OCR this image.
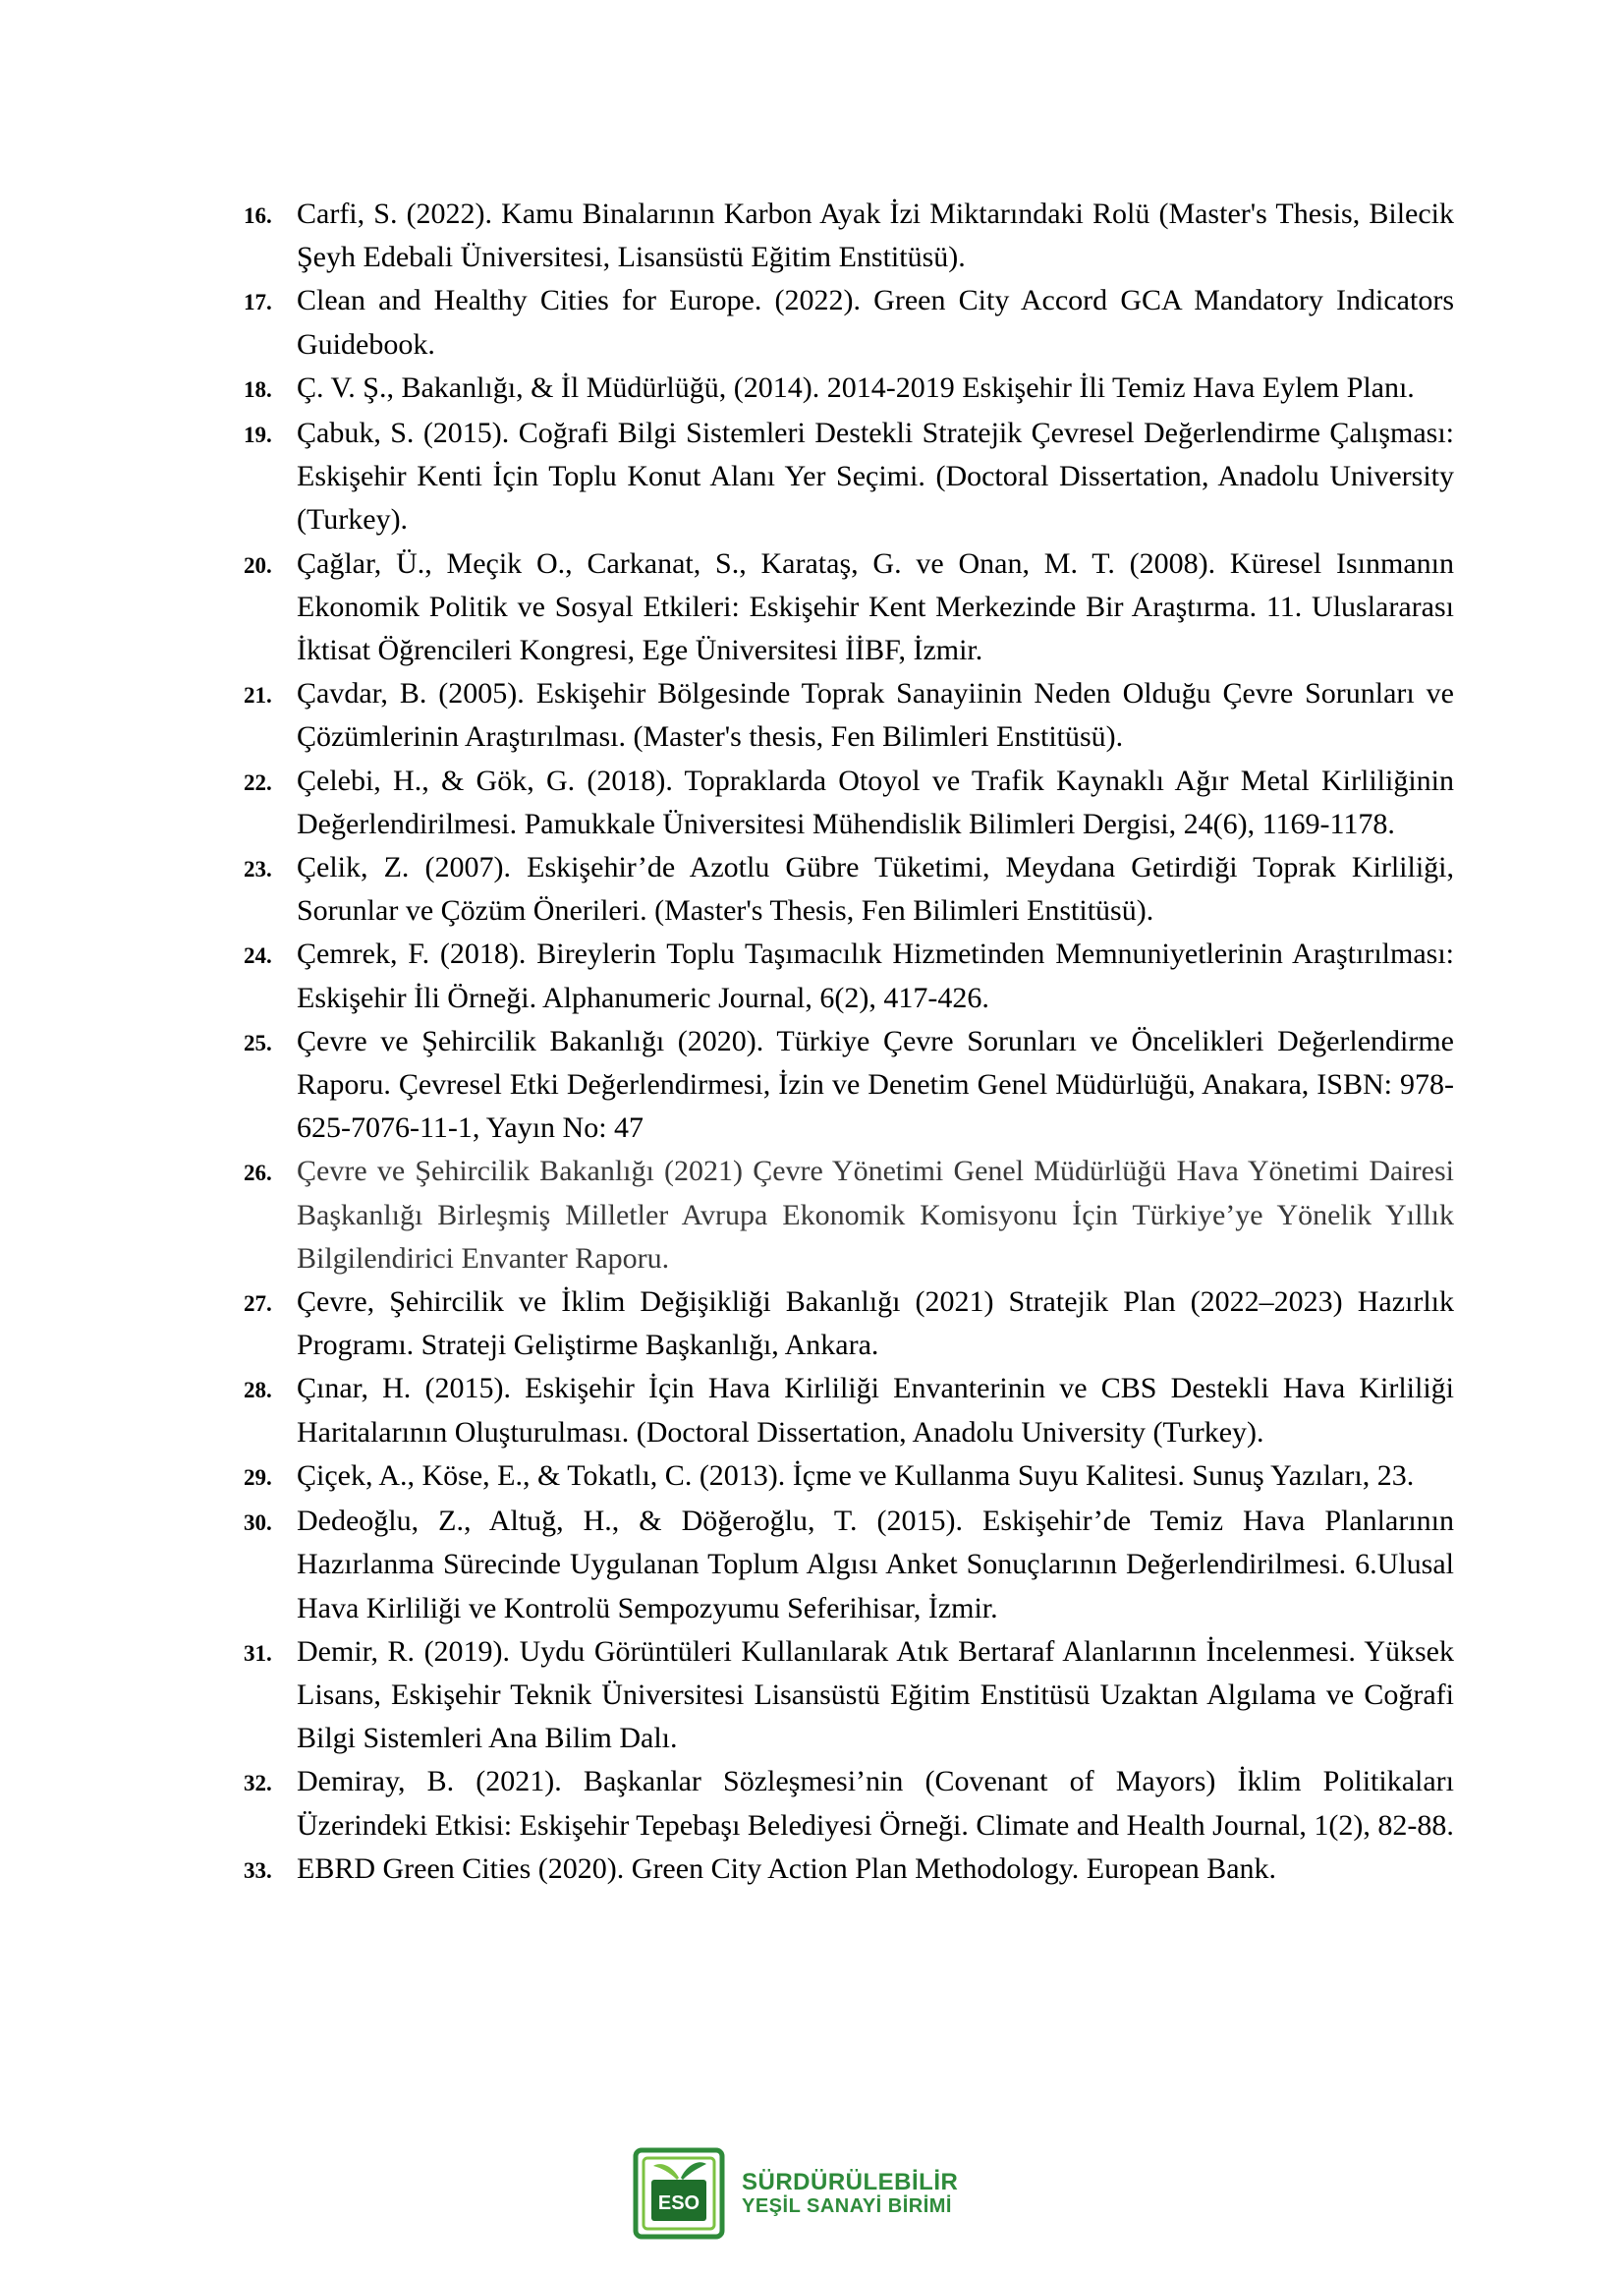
16. Carfi, S. (2022). Kamu Binalarının Karbon Ayak İzi Miktarındaki Rolü (Master's Thesis, Bilecik Şeyh Edebali Üniversitesi, Lisansüstü Eğitim Enstitüsü).
17. Clean and Healthy Cities for Europe. (2022). Green City Accord GCA Mandatory Indicators Guidebook.
18. Ç. V. Ş., Bakanlığı, & İl Müdürlüğü, (2014). 2014-2019 Eskişehir İli Temiz Hava Eylem Planı.
19. Çabuk, S. (2015). Coğrafi Bilgi Sistemleri Destekli Stratejik Çevresel Değerlendirme Çalışması: Eskişehir Kenti İçin Toplu Konut Alanı Yer Seçimi. (Doctoral Dissertation, Anadolu University (Turkey).
20. Çağlar, Ü., Meçik O., Carkanat, S., Karataş, G. ve Onan, M. T. (2008). Küresel Isınmanın Ekonomik Politik ve Sosyal Etkileri: Eskişehir Kent Merkezinde Bir Araştırma. 11. Uluslararası İktisat Öğrencileri Kongresi, Ege Üniversitesi İİBF, İzmir.
21. Çavdar, B. (2005). Eskişehir Bölgesinde Toprak Sanayiinin Neden Olduğu Çevre Sorunları ve Çözümlerinin Araştırılması. (Master's thesis, Fen Bilimleri Enstitüsü).
22. Çelebi, H., & Gök, G. (2018). Topraklarda Otoyol ve Trafik Kaynaklı Ağır Metal Kirliliğinin Değerlendirilmesi. Pamukkale Üniversitesi Mühendislik Bilimleri Dergisi, 24(6), 1169-1178.
23. Çelik, Z. (2007). Eskişehir’de Azotlu Gübre Tüketimi, Meydana Getirdiği Toprak Kirliliği, Sorunlar ve Çözüm Önerileri. (Master's Thesis, Fen Bilimleri Enstitüsü).
24. Çemrek, F. (2018). Bireylerin Toplu Taşımacılık Hizmetinden Memnuniyetlerinin Araştırılması: Eskişehir İli Örneği. Alphanumeric Journal, 6(2), 417-426.
25. Çevre ve Şehircilik Bakanlığı (2020). Türkiye Çevre Sorunları ve Öncelikleri Değerlendirme Raporu. Çevresel Etki Değerlendirmesi, İzin ve Denetim Genel Müdürlüğü, Anakara, ISBN: 978-625-7076-11-1, Yayın No: 47
26. Çevre ve Şehircilik Bakanlığı (2021) Çevre Yönetimi Genel Müdürlüğü Hava Yönetimi Dairesi Başkanlığı Birleşmiş Milletler Avrupa Ekonomik Komisyonu İçin Türkiye’ye Yönelik Yıllık Bilgilendirici Envanter Raporu.
27. Çevre, Şehircilik ve İklim Değişikliği Bakanlığı (2021) Stratejik Plan (2022–2023) Hazırlık Programı. Strateji Geliştirme Başkanlığı, Ankara.
28. Çınar, H. (2015). Eskişehir İçin Hava Kirliliği Envanterinin ve CBS Destekli Hava Kirliliği Haritalarının Oluşturulması. (Doctoral Dissertation, Anadolu University (Turkey).
29. Çiçek, A., Köse, E., & Tokatlı, C. (2013). İçme ve Kullanma Suyu Kalitesi. Sunuş Yazıları, 23.
30. Dedeoğlu, Z., Altuğ, H., & Döğeroğlu, T. (2015). Eskişehir’de Temiz Hava Planlarının Hazırlanma Sürecinde Uygulanan Toplum Algısı Anket Sonuçlarının Değerlendirilmesi. 6.Ulusal Hava Kirliliği ve Kontrolü Sempozyumu Seferihisar, İzmir.
31. Demir, R. (2019). Uydu Görüntüleri Kullanılarak Atık Bertaraf Alanlarının İncelenmesi. Yüksek Lisans, Eskişehir Teknik Üniversitesi Lisansüstü Eğitim Enstitüsü Uzaktan Algılama ve Coğrafi Bilgi Sistemleri Ana Bilim Dalı.
32. Demiray, B. (2021). Başkanlar Sözleşmesi’nin (Covenant of Mayors) İklim Politikaları Üzerindeki Etkisi: Eskişehir Tepebaşı Belediyesi Örneği. Climate and Health Journal, 1(2), 82-88.
33. EBRD Green Cities (2020). Green City Action Plan Methodology. European Bank.
ESO
SÜRDÜRÜLEBİLİR
YEŞİL SANAYİ BİRİMİ
